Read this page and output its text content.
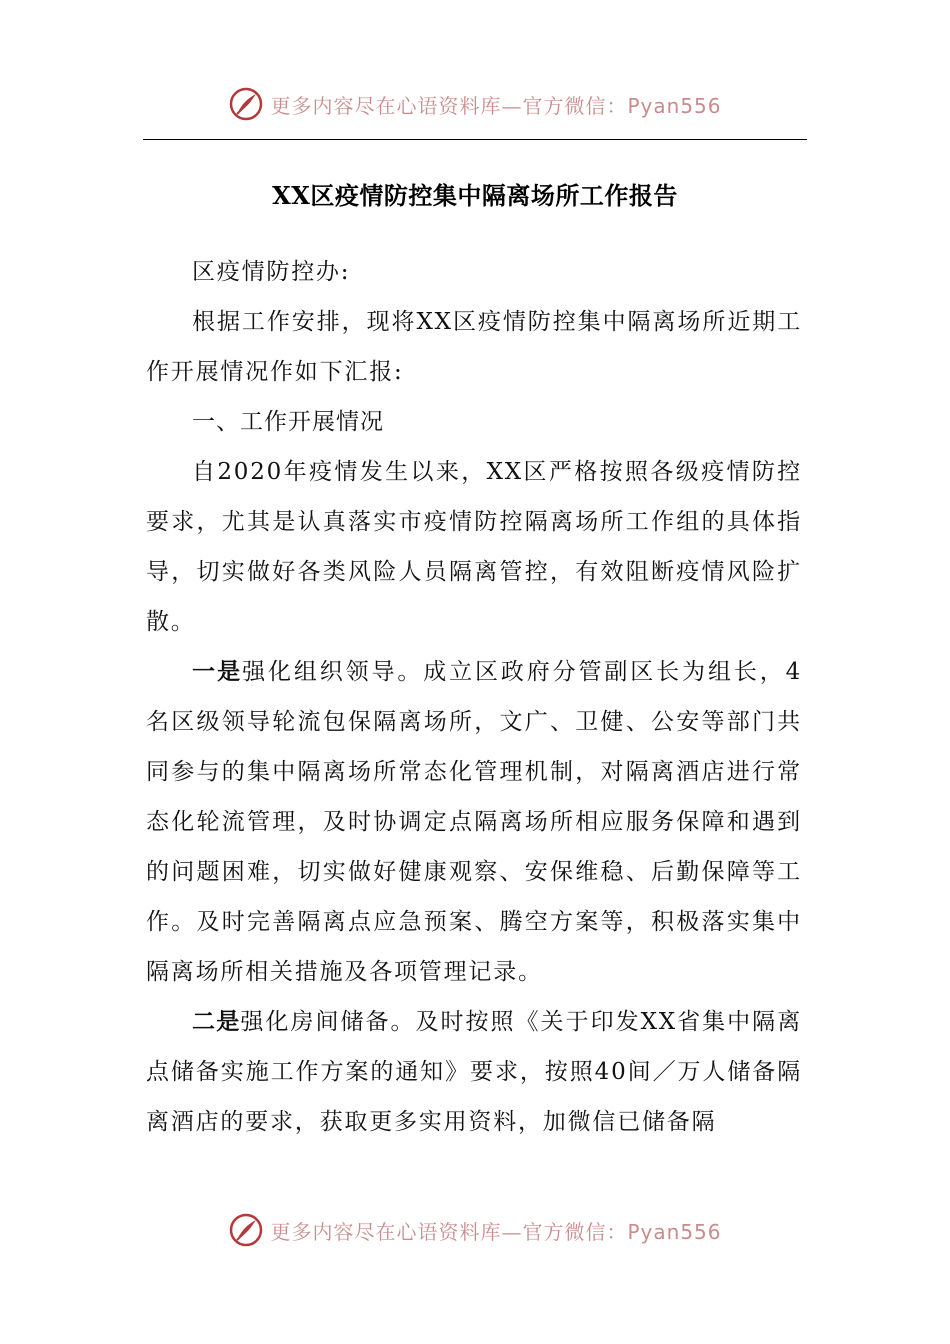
更多内容尽在心语资料库—官方微信：Pyan556
XX区疫情防控集中隔离场所工作报告

区疫情防控办:

根据工作安排，现将XX区疫情防控集中隔离场所近期工作开展情况作如下汇报:

一、工作开展情况

自2020年疫情发生以来，XX区严格按照各级疫情防控要求，尤其是认真落实市疫情防控隔离场所工作组的具体指导，切实做好各类风险人员隔离管控，有效阻断疫情风险扩散。

一是强化组织领导。成立区政府分管副区长为组长，4名区级领导轮流包保隔离场所，文广、卫健、公安等部门共同参与的集中隔离场所常态化管理机制，对隔离酒店进行常态化轮流管理，及时协调定点隔离场所相应服务保障和遇到的问题困难，切实做好健康观察、安保维稳、后勤保障等工作。及时完善隔离点应急预案、腾空方案等，积极落实集中隔离场所相关措施及各项管理记录。

二是强化房间储备。及时按照《关于印发XX省集中隔离点储备实施工作方案的通知》要求，按照40间／万人储备隔离酒店的要求，获取更多实用资料，加微信已储备隔

更多内容尽在心语资料库—官方微信：Pyan556
